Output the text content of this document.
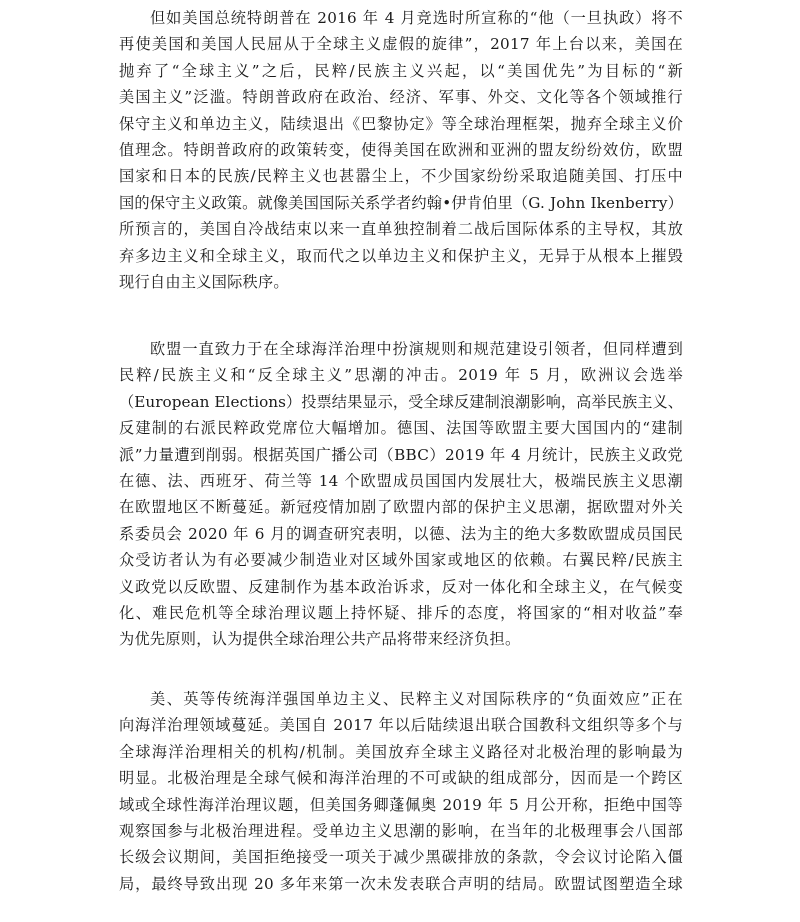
但如美国总统特朗普在 2016 年 4 月竞选时所宣称的“他（一旦执政）将不
再使美国和美国人民屈从于全球主义虚假的旋律”，2017 年上台以来，美国在
抛弃了“全球主义”之后，民粹/民族主义兴起，以“美国优先”为目标的“新
美国主义”泛滥。特朗普政府在政治、经济、军事、外交、文化等各个领域推行
保守主义和单边主义，陆续退出《巴黎协定》等全球治理框架，抛弃全球主义价
值理念。特朗普政府的政策转变，使得美国在欧洲和亚洲的盟友纷纷效仿，欧盟
国家和日本的民族/民粹主义也甚嚣尘上，不少国家纷纷采取追随美国、打压中
国的保守主义政策。就像美国国际关系学者约翰•伊肯伯里（G. John Ikenberry）
所预言的，美国自冷战结束以来一直单独控制着二战后国际体系的主导权，其放
弃多边主义和全球主义，取而代之以单边主义和保护主义，无异于从根本上摧毁
现行自由主义国际秩序。
欧盟一直致力于在全球海洋治理中扮演规则和规范建设引领者，但同样遭到
民粹/民族主义和“反全球主义”思潮的冲击。2019 年 5 月，欧洲议会选举
（European Elections）投票结果显示，受全球反建制浪潮影响，高举民族主义、
反建制的右派民粹政党席位大幅增加。德国、法国等欧盟主要大国国内的“建制
派”力量遭到削弱。根据英国广播公司（BBC）2019 年 4 月统计，民族主义政党
在德、法、西班牙、荷兰等 14 个欧盟成员国国内发展壮大，极端民族主义思潮
在欧盟地区不断蔓延。新冠疫情加剧了欧盟内部的保护主义思潮，据欧盟对外关
系委员会 2020 年 6 月的调查研究表明，以德、法为主的绝大多数欧盟成员国民
众受访者认为有必要减少制造业对区域外国家或地区的依赖。右翼民粹/民族主
义政党以反欧盟、反建制作为基本政治诉求，反对一体化和全球主义，在气候变
化、难民危机等全球治理议题上持怀疑、排斥的态度，将国家的“相对收益”奉
为优先原则，认为提供全球治理公共产品将带来经济负担。
美、英等传统海洋强国单边主义、民粹主义对国际秩序的“负面效应”正在
向海洋治理领域蔓延。美国自 2017 年以后陆续退出联合国教科文组织等多个与
全球海洋治理相关的机构/机制。美国放弃全球主义路径对北极治理的影响最为
明显。北极治理是全球气候和海洋治理的不可或缺的组成部分，因而是一个跨区
域或全球性海洋治理议题，但美国务卿蓬佩奥 2019 年 5 月公开称，拒绝中国等
观察国参与北极治理进程。受单边主义思潮的影响，在当年的北极理事会八国部
长级会议期间，美国拒绝接受一项关于减少黑碳排放的条款，令会议讨论陷入僵
局，最终导致出现 20 多年来第一次未发表联合声明的结局。欧盟试图塑造全球
